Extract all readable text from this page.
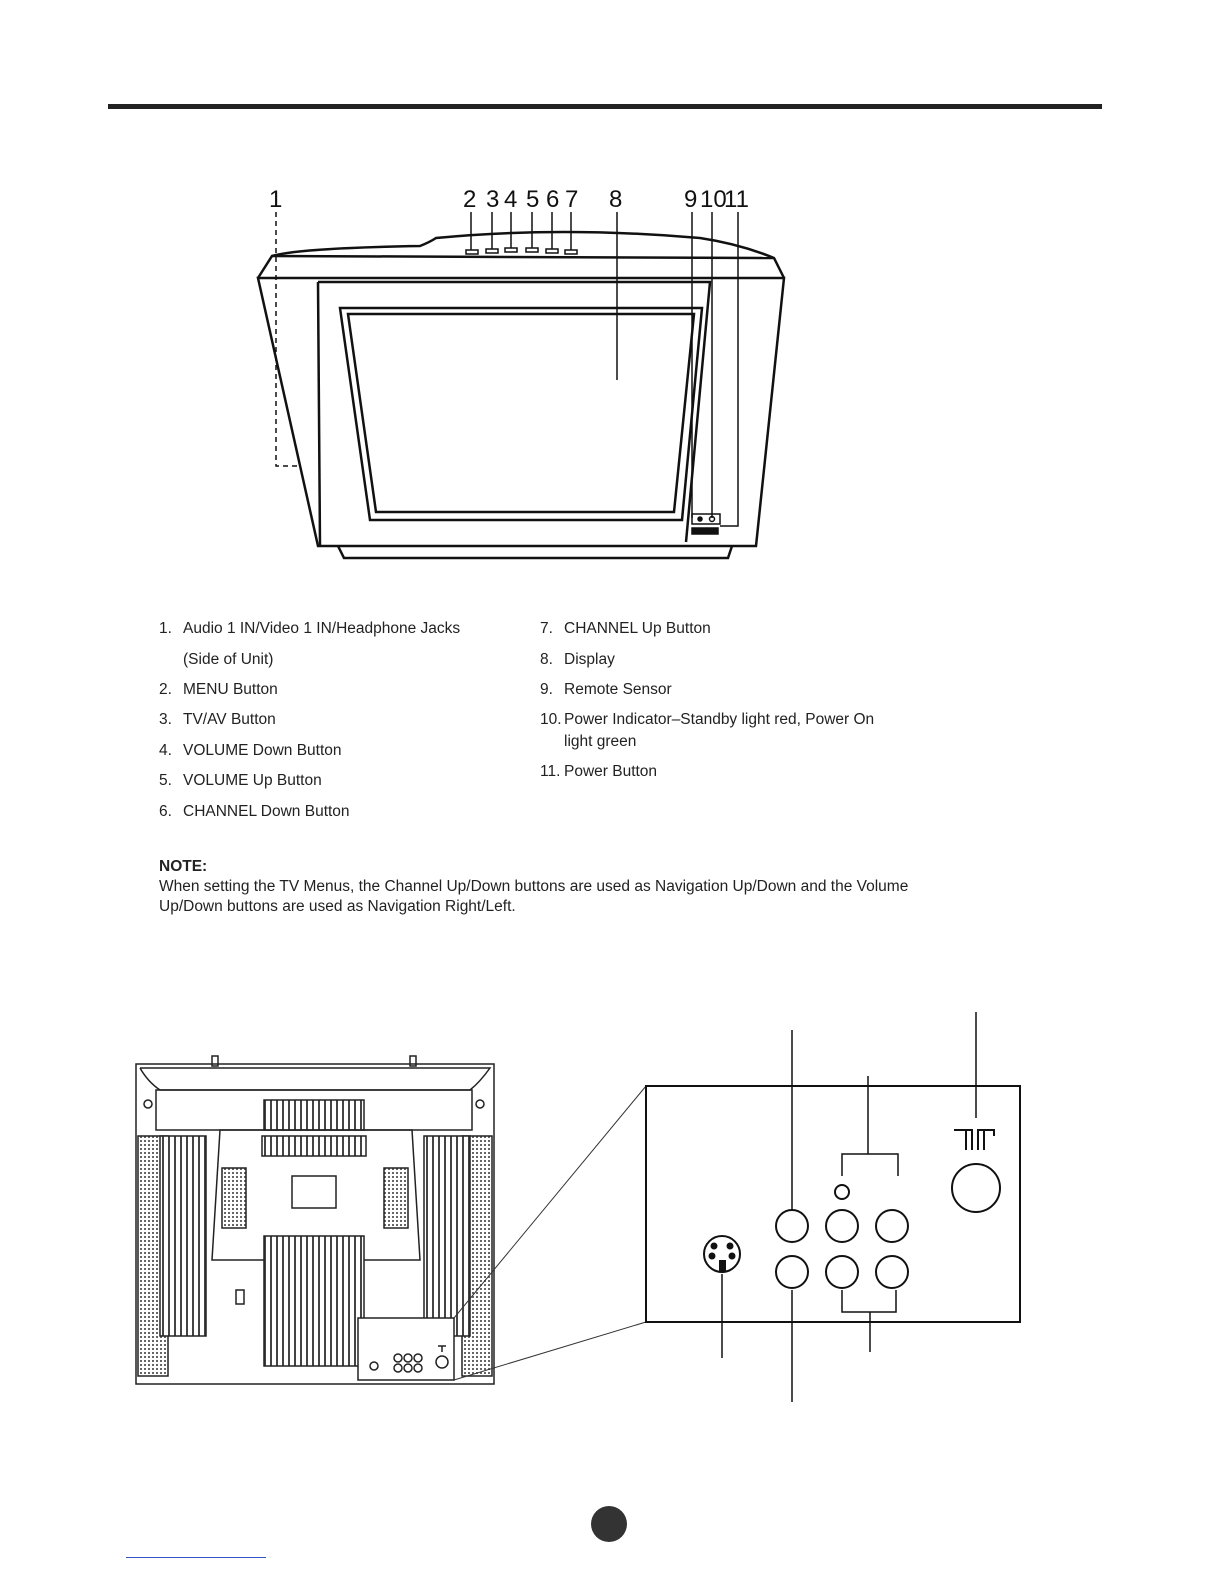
1	2 3 4 5 6 7 8	9 10
11
1. Audio 1 IN/Video 1 IN/Headphone Jacks
(Side of Unit)
2. MENU Button
3. TV/AV Button
4. VOLUME Down Button
5. VOLUME Up Button
6. CHANNEL Down Button
7. CHANNEL Up Button
8. Display
9. Remote Sensor
10. Power Indicator–Standby light red, Power On
light green
11. Power Button
NOTE:
When setting the TV Menus, the Channel Up/Down buttons are used as Navigation Up/Down and the Volume Up/Down buttons are used as Navigation Right/Left.
